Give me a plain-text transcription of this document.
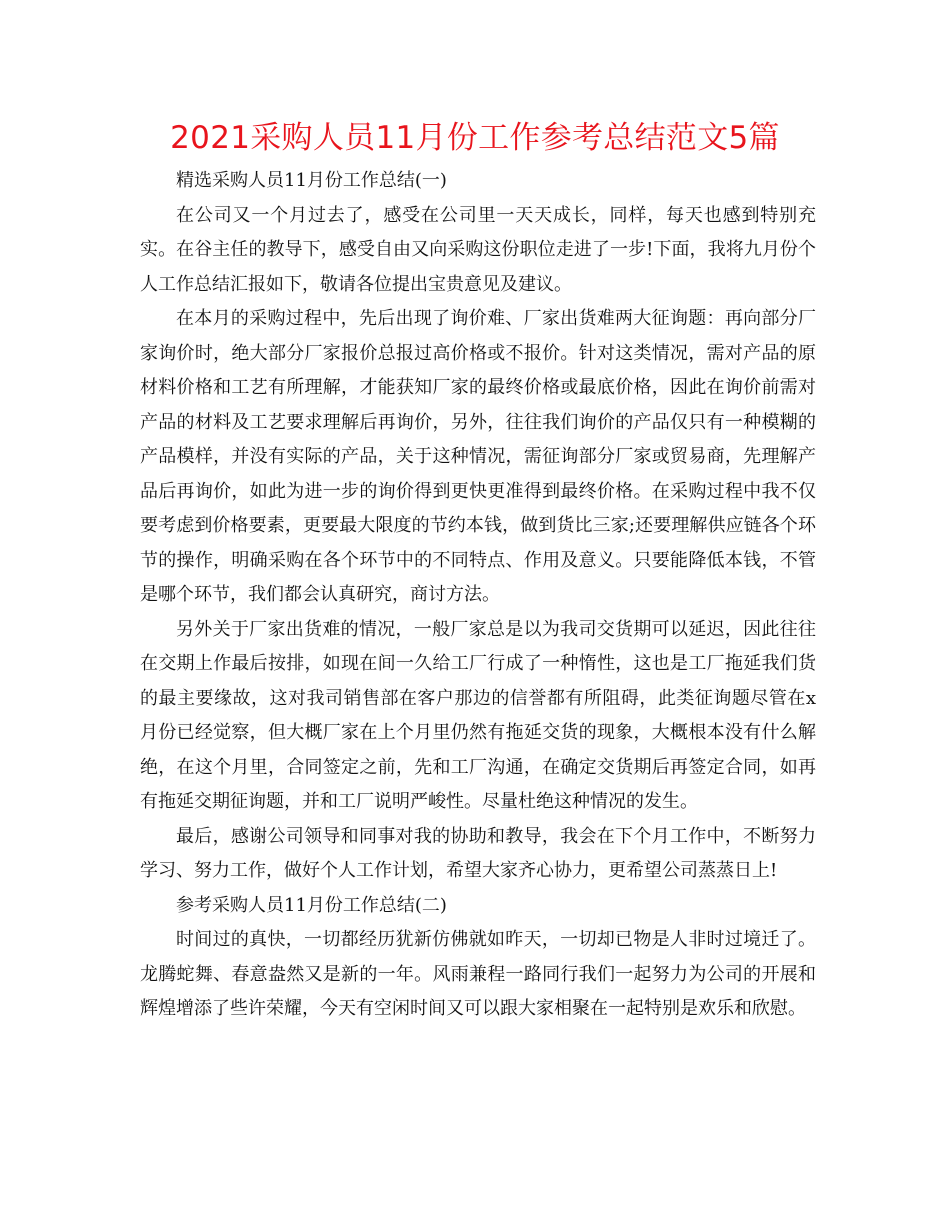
2021采购人员11月份工作参考总结范文5篇

精选采购人员11月份工作总结(一)

在公司又一个月过去了，感受在公司里一天天成长，同样，每天也感到特别充实。在谷主任的教导下，感受自由又向采购这份职位走进了一步!下面，我将九月份个人工作总结汇报如下，敬请各位提出宝贵意见及建议。

在本月的采购过程中，先后出现了询价难、厂家出货难两大征询题：再向部分厂家询价时，绝大部分厂家报价总报过高价格或不报价。针对这类情况，需对产品的原材料价格和工艺有所理解，才能获知厂家的最终价格或最底价格，因此在询价前需对产品的材料及工艺要求理解后再询价，另外，往往我们询价的产品仅只有一种模糊的产品模样，并没有实际的产品，关于这种情况，需征询部分厂家或贸易商，先理解产品后再询价，如此为进一步的询价得到更快更准得到最终价格。在采购过程中我不仅要考虑到价格要素，更要最大限度的节约本钱，做到货比三家;还要理解供应链各个环节的操作，明确采购在各个环节中的不同特点、作用及意义。只要能降低本钱，不管是哪个环节，我们都会认真研究，商讨方法。

另外关于厂家出货难的情况，一般厂家总是以为我司交货期可以延迟，因此往往在交期上作最后按排，如现在间一久给工厂行成了一种惰性，这也是工厂拖延我们货的最主要缘故，这对我司销售部在客户那边的信誉都有所阻碍，此类征询题尽管在x月份已经觉察，但大概厂家在上个月里仍然有拖延交货的现象，大概根本没有什么解绝，在这个月里，合同签定之前，先和工厂沟通，在确定交货期后再签定合同，如再有拖延交期征询题，并和工厂说明严峻性。尽量杜绝这种情况的发生。

最后，感谢公司领导和同事对我的协助和教导，我会在下个月工作中，不断努力学习、努力工作，做好个人工作计划，希望大家齐心协力，更希望公司蒸蒸日上!

参考采购人员11月份工作总结(二)

时间过的真快，一切都经历犹新仿佛就如昨天，一切却已物是人非时过境迁了。龙腾蛇舞、春意盎然又是新的一年。风雨兼程一路同行我们一起努力为公司的开展和辉煌增添了些许荣耀，今天有空闲时间又可以跟大家相聚在一起特别是欢乐和欣慰。
